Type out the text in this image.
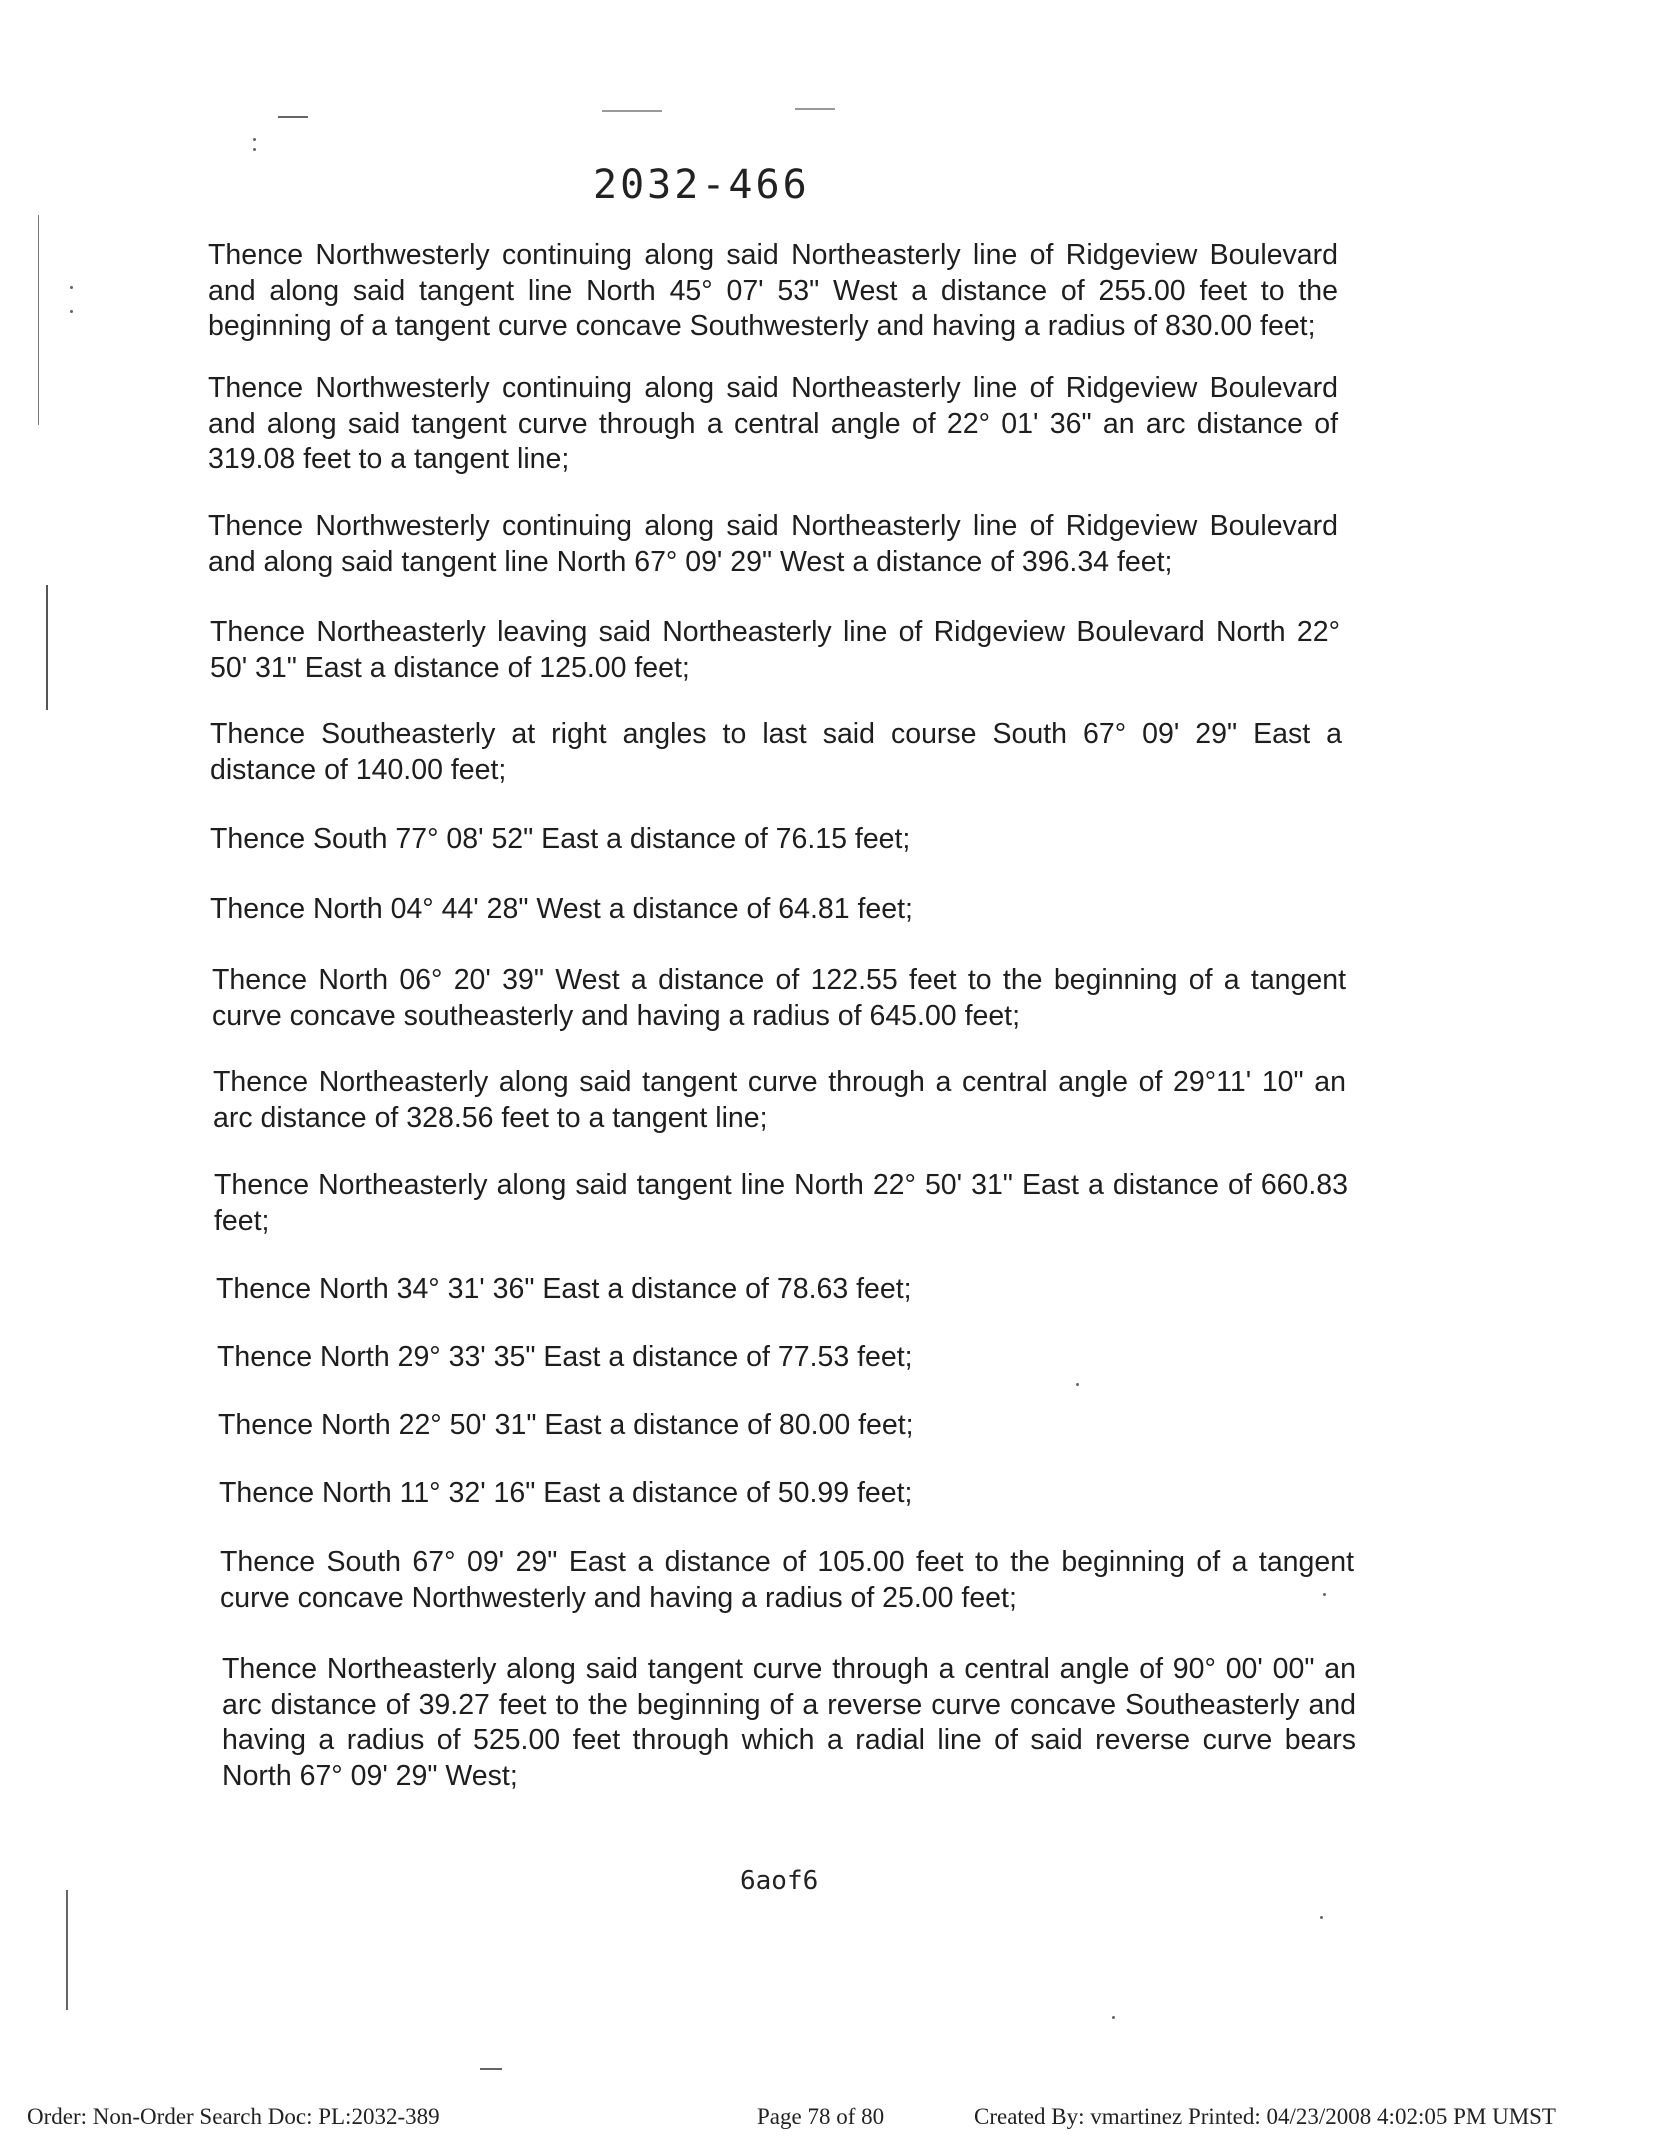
2032-466

Thence Northwesterly continuing along said Northeasterly line of Ridgeview Boulevard and along said tangent line North 45° 07' 53" West a distance of 255.00 feet to the beginning of a tangent curve concave Southwesterly and having a radius of 830.00 feet;

Thence Northwesterly continuing along said Northeasterly line of Ridgeview Boulevard and along said tangent curve through a central angle of 22° 01' 36" an arc distance of 319.08 feet to a tangent line;

Thence Northwesterly continuing along said Northeasterly line of Ridgeview Boulevard and along said tangent line North 67° 09' 29" West a distance of 396.34 feet;

Thence Northeasterly leaving said Northeasterly line of Ridgeview Boulevard North 22° 50' 31" East a distance of 125.00 feet;

Thence Southeasterly at right angles to last said course South 67° 09' 29" East a distance of 140.00 feet;

Thence South 77° 08' 52" East a distance of 76.15 feet;

Thence North 04° 44' 28" West a distance of 64.81 feet;

Thence North 06° 20' 39" West a distance of 122.55 feet to the beginning of a tangent curve concave southeasterly and having a radius of 645.00 feet;

Thence Northeasterly along said tangent curve through a central angle of 29°11' 10" an arc distance of 328.56 feet to a tangent line;

Thence Northeasterly along said tangent line North 22° 50' 31" East a distance of 660.83 feet;

Thence North 34° 31' 36" East a distance of 78.63 feet;

Thence North 29° 33' 35" East a distance of 77.53 feet;

Thence North 22° 50' 31" East a distance of 80.00 feet;

Thence North 11° 32' 16" East a distance of 50.99 feet;

Thence South 67° 09' 29" East a distance of 105.00 feet to the beginning of a tangent curve concave Northwesterly and having a radius of 25.00 feet;

Thence Northeasterly along said tangent curve through a central angle of 90° 00' 00" an arc distance of 39.27 feet to the beginning of a reverse curve concave Southeasterly and having a radius of 525.00 feet through which a radial line of said reverse curve bears North 67° 09' 29" West;

6aof6
Order: Non-Order Search Doc: PL:2032-389	Page 78 of 80	Created By: vmartinez Printed: 04/23/2008 4:02:05 PM UMST
